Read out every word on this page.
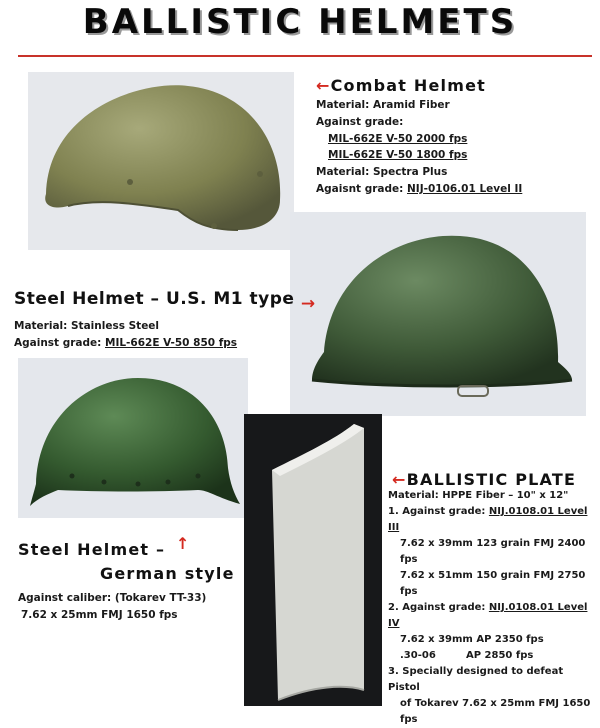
BALLISTIC HELMETS
←Combat Helmet
Material: Aramid Fiber
Against grade:
MIL-662E V-50 2000 fps
MIL-662E V-50 1800 fps
Material: Spectra Plus
Agaisnt grade: NIJ-0106.01 Level II
Steel Helmet – U.S. M1 type →
Material: Stainless Steel
Against grade: MIL-662E V-50 850 fps
Steel Helmet – ↑
German style
Against caliber: (Tokarev TT-33)
7.62 x 25mm FMJ 1650 fps
←BALLISTIC PLATE
Material: HPPE Fiber – 10" x 12"
1. Against grade: NIJ.0108.01 Level III
7.62 x 39mm 123 grain FMJ 2400 fps
7.62 x 51mm 150 grain FMJ 2750 fps
2. Against grade: NIJ.0108.01 Level IV
7.62 x 39mm AP 2350 fps
.30-06	AP 2850 fps
3. Specially designed to defeat Pistol
of Tokarev 7.62 x 25mm FMJ 1650 fps
